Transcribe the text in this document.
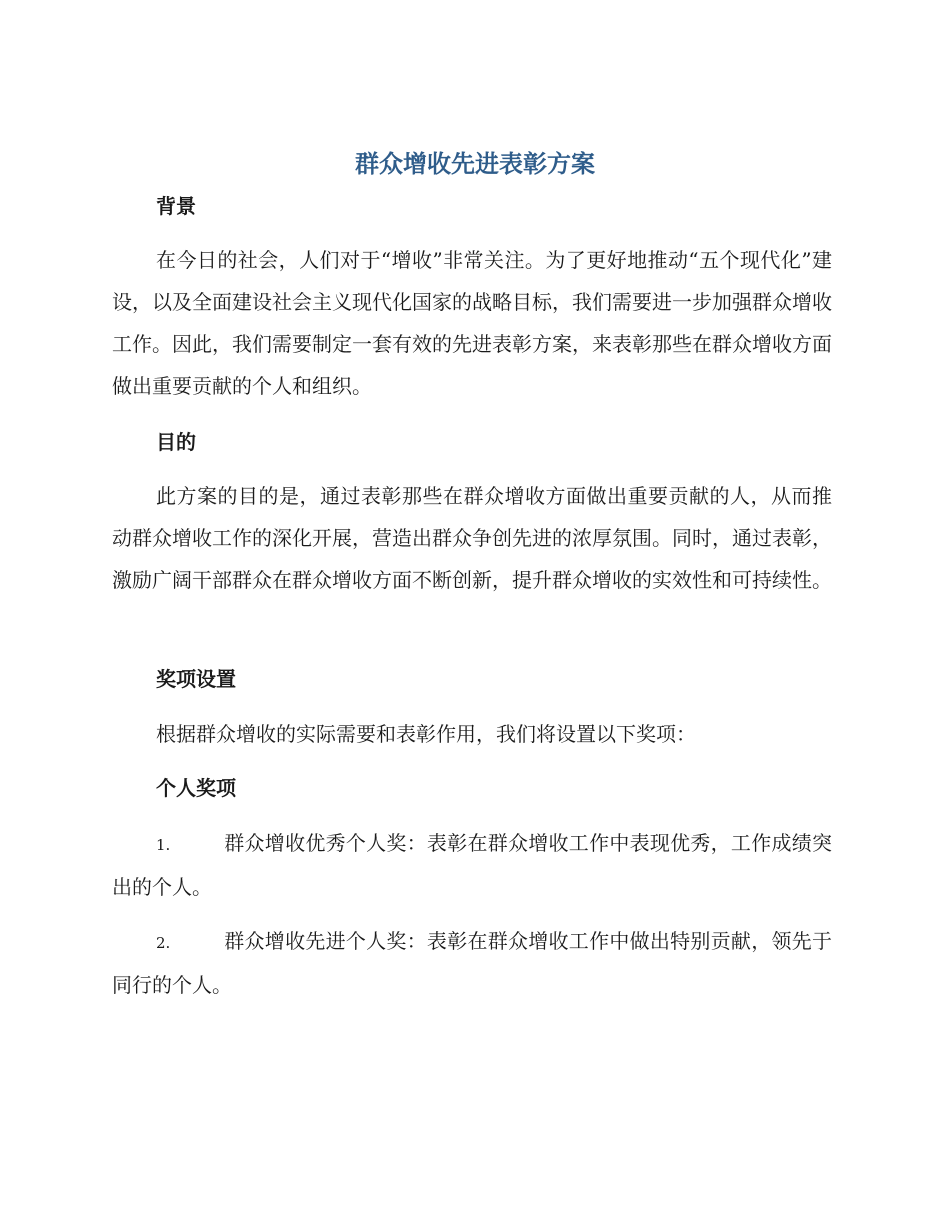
群众增收先进表彰方案
背景

在今日的社会，人们对于“增收”非常关注。为了更好地推动“五个现代化”建设，以及全面建设社会主义现代化国家的战略目标，我们需要进一步加强群众增收工作。因此，我们需要制定一套有效的先进表彰方案，来表彰那些在群众增收方面做出重要贡献的个人和组织。

目的

此方案的目的是，通过表彰那些在群众增收方面做出重要贡献的人，从而推动群众增收工作的深化开展，营造出群众争创先进的浓厚氛围。同时，通过表彰，激励广阔干部群众在群众增收方面不断创新，提升群众增收的实效性和可持续性。

奖项设置

根据群众增收的实际需要和表彰作用，我们将设置以下奖项：

个人奖项

1.	群众增收优秀个人奖：表彰在群众增收工作中表现优秀，工作成绩突出的个人。

2.	群众增收先进个人奖：表彰在群众增收工作中做出特别贡献，领先于同行的个人。
